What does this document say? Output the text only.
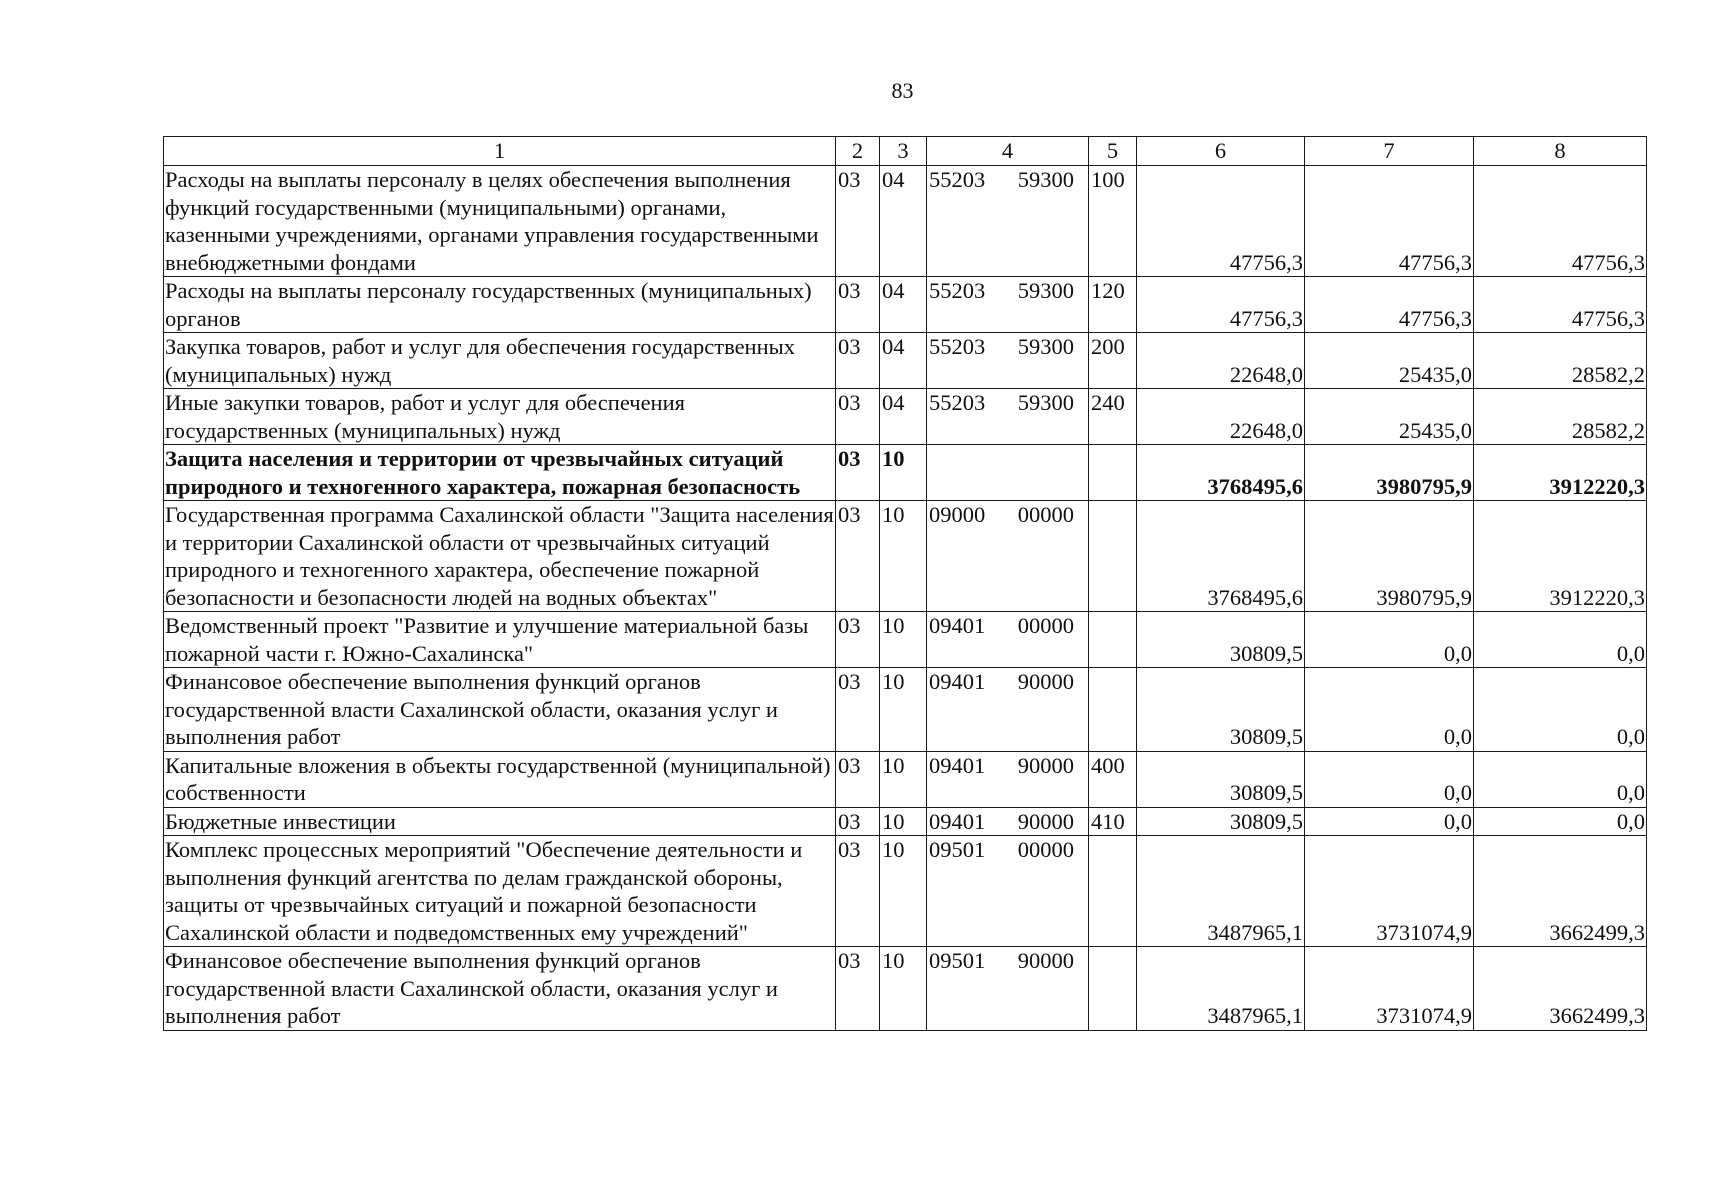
83
1	2	3	4	5	6	7	8
Расходы на выплаты персоналу в целях обеспечения выполнения функций государственными (муниципальными) органами, казенными учреждениями, органами управления государственными внебюджетными фондами	03	04	55203 59300	100	47756,3	47756,3	47756,3
Расходы на выплаты персоналу государственных (муниципальных) органов	03	04	55203 59300	120	47756,3	47756,3	47756,3
Закупка товаров, работ и услуг для обеспечения государственных (муниципальных) нужд	03	04	55203 59300	200	22648,0	25435,0	28582,2
Иные закупки товаров, работ и услуг для обеспечения государственных (муниципальных) нужд	03	04	55203 59300	240	22648,0	25435,0	28582,2
Защита населения и территории от чрезвычайных ситуаций природного и техногенного характера, пожарная безопасность	03	10			3768495,6	3980795,9	3912220,3
Государственная программа Сахалинской области "Защита населения и территории Сахалинской области от чрезвычайных ситуаций природного и техногенного характера, обеспечение пожарной безопасности и безопасности людей на водных объектах"	03	10	09000 00000		3768495,6	3980795,9	3912220,3
Ведомственный проект "Развитие и улучшение материальной базы пожарной части г. Южно-Сахалинска"	03	10	09401 00000		30809,5	0,0	0,0
Финансовое обеспечение выполнения функций органов государственной власти Сахалинской области, оказания услуг и выполнения работ	03	10	09401 90000		30809,5	0,0	0,0
Капитальные вложения в объекты государственной (муниципальной) собственности	03	10	09401 90000	400	30809,5	0,0	0,0
Бюджетные инвестиции	03	10	09401 90000	410	30809,5	0,0	0,0
Комплекс процессных мероприятий "Обеспечение деятельности и выполнения функций агентства по делам гражданской обороны, защиты от чрезвычайных ситуаций и пожарной безопасности Сахалинской области и подведомственных ему учреждений"	03	10	09501 00000		3487965,1	3731074,9	3662499,3
Финансовое обеспечение выполнения функций органов государственной власти Сахалинской области, оказания услуг и выполнения работ	03	10	09501 90000		3487965,1	3731074,9	3662499,3
